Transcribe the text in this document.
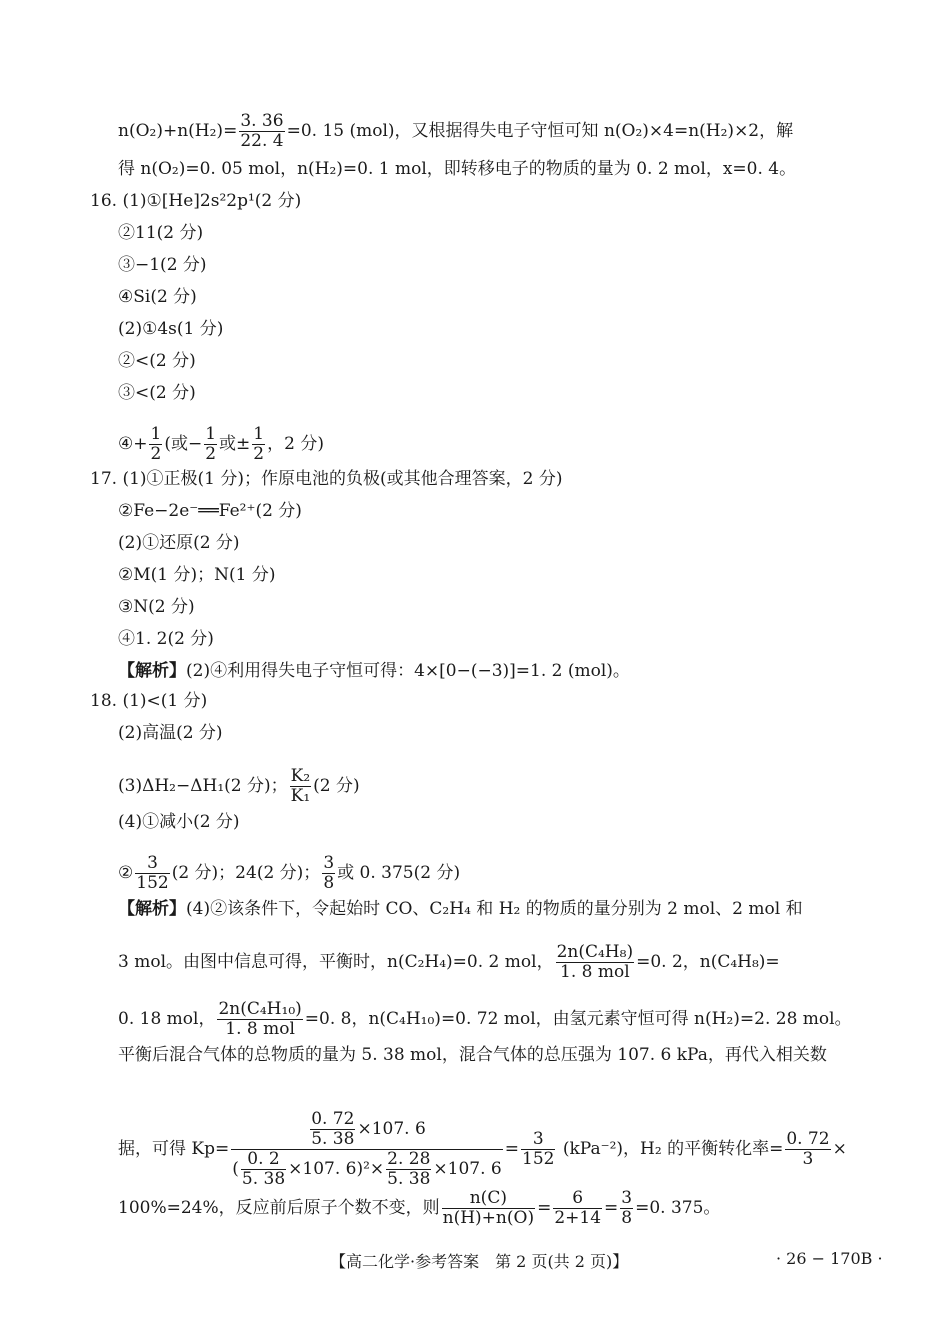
$n(O_2)+n(H_2)= \frac{3. 36}{22. 4} =0$. 15 (mol)，又根据得失电子守恒可知 n(O₂)×4=n(H₂)×2，解
得 n(O₂)=0. 05 mol，n(H₂)=0. 1 mol，即转移电子的物质的量为 0. 2 mol，x=0. 4。
16. (1)①[He]2s²2p¹(2 分)
②11(2 分)
③−1(2 分)
④Si(2 分)
(2)①4s(1 分)
②<(2 分)
③<(2 分)
④+ $\frac{1}{2}$ (或− $\frac{1}{2}$ 或± $\frac{1}{2}$ ，2 分)
17. (1)①正极(1 分)；作原电池的负极(或其他合理答案，2 分)
②Fe−2e⁻══Fe²⁺(2 分)
(2)①还原(2 分)
②M(1 分)；N(1 分)
③N(2 分)
④1. 2(2 分)
【解析】(2)④利用得失电子守恒可得：4×[0−(−3)]=1. 2 (mol)。
18. (1)<(1 分)
(2)高温(2 分)
(3)ΔH₂−ΔH₁(2 分)； $\frac{\text{K₂}}{\text{K₁}} (2$ 分)
(4)①减小(2 分)
② $\frac{3}{152} (2$ 分)；24(2 分)； $\frac{3}{8}$ 或 0. 375(2 分)
【解析】(4)②该条件下，令起始时 CO、C₂H₄ 和 H₂ 的物质的量分别为 2 mol、2 mol 和
3 mol。由图中信息可得，平衡时，n(C₂H₄)=0. 2 mol， $\frac{\text{2n(C₄H₈)}}{\text{1. 8 mol}} =0$. 2，n(C₄H₈)=
0. 18 mol， $\frac{\text{2n(C₄H₁₀)}}{\text{1. 8 mol}} =0$. 8，n(C₄H₁₀)=0. 72 mol，由氢元素守恒可得 n(H₂)=2. 28 mol。
平衡后混合气体的总物质的量为 5. 38 mol，混合气体的总压强为 107. 6 kPa，再代入相关数
据，可得 $Kp= \frac{\frac{0. 72}{5. 38} \times 107. 6}{( \frac{0. 2}{5. 38} \times 107. 6)^2\times \frac{2. 28}{5. 38} \times 107. 6} = \frac{3}{152} (kPa^{-2})$，H₂ 的平衡转化率= $\frac{0. 72}{3}$ ×
100%=24%，反应前后原子个数不变，则 $\frac{n(C)}{n(H)+n(O)} = \frac{6}{2+14} = \frac{3}{8} =0$. 375。
【高二化学·参考答案　第 2 页(共 2 页)】	· 26 − 170B ·
